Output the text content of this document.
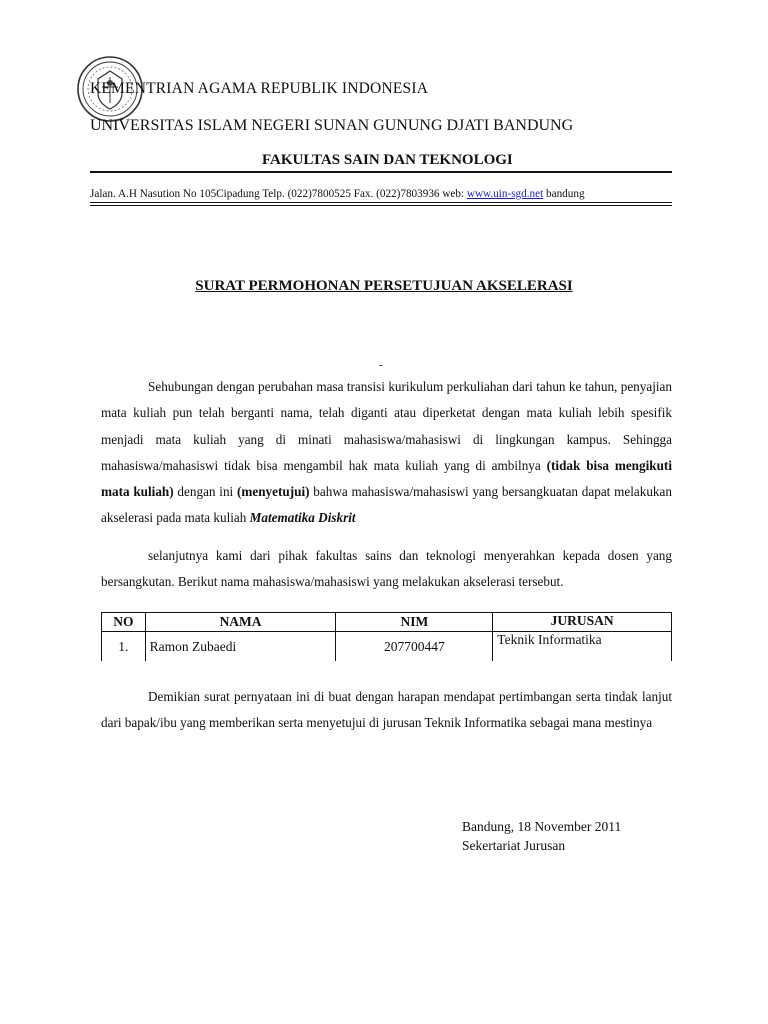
KEMENTRIAN AGAMA REPUBLIK INDONESIA
UNIVERSITAS ISLAM NEGERI SUNAN GUNUNG DJATI BANDUNG
FAKULTAS SAIN DAN TEKNOLOGI
Jalan. A.H Nasution No 105Cipadung Telp. (022)7800525 Fax. (022)7803936 web: www.uin-sgd.net bandung
SURAT PERMOHONAN PERSETUJUAN AKSELERASI
-
Sehubungan dengan perubahan masa transisi kurikulum perkuliahan dari tahun ke tahun, penyajian mata kuliah pun telah berganti nama, telah diganti atau diperketat dengan mata kuliah lebih spesifik menjadi mata kuliah yang di minati mahasiswa/mahasiswi di lingkungan kampus. Sehingga mahasiswa/mahasiswi tidak bisa mengambil hak mata kuliah yang di ambilnya (tidak bisa mengikuti mata kuliah) dengan ini (menyetujui) bahwa mahasiswa/mahasiswi yang bersangkuatan dapat melakukan akselerasi pada mata kuliah Matematika Diskrit
selanjutnya kami dari pihak fakultas sains dan teknologi menyerahkan kepada dosen yang bersangkutan. Berikut nama mahasiswa/mahasiswi yang melakukan akselerasi tersebut.
NO	NAMA	NIM	JURUSAN
1.	Ramon Zubaedi	207700447	Teknik Informatika
Demikian surat pernyataan ini di buat dengan harapan mendapat pertimbangan serta tindak lanjut dari bapak/ibu yang memberikan serta menyetujui di jurusan Teknik Informatika sebagai mana mestinya
Bandung, 18 November 2011
Sekertariat Jurusan
